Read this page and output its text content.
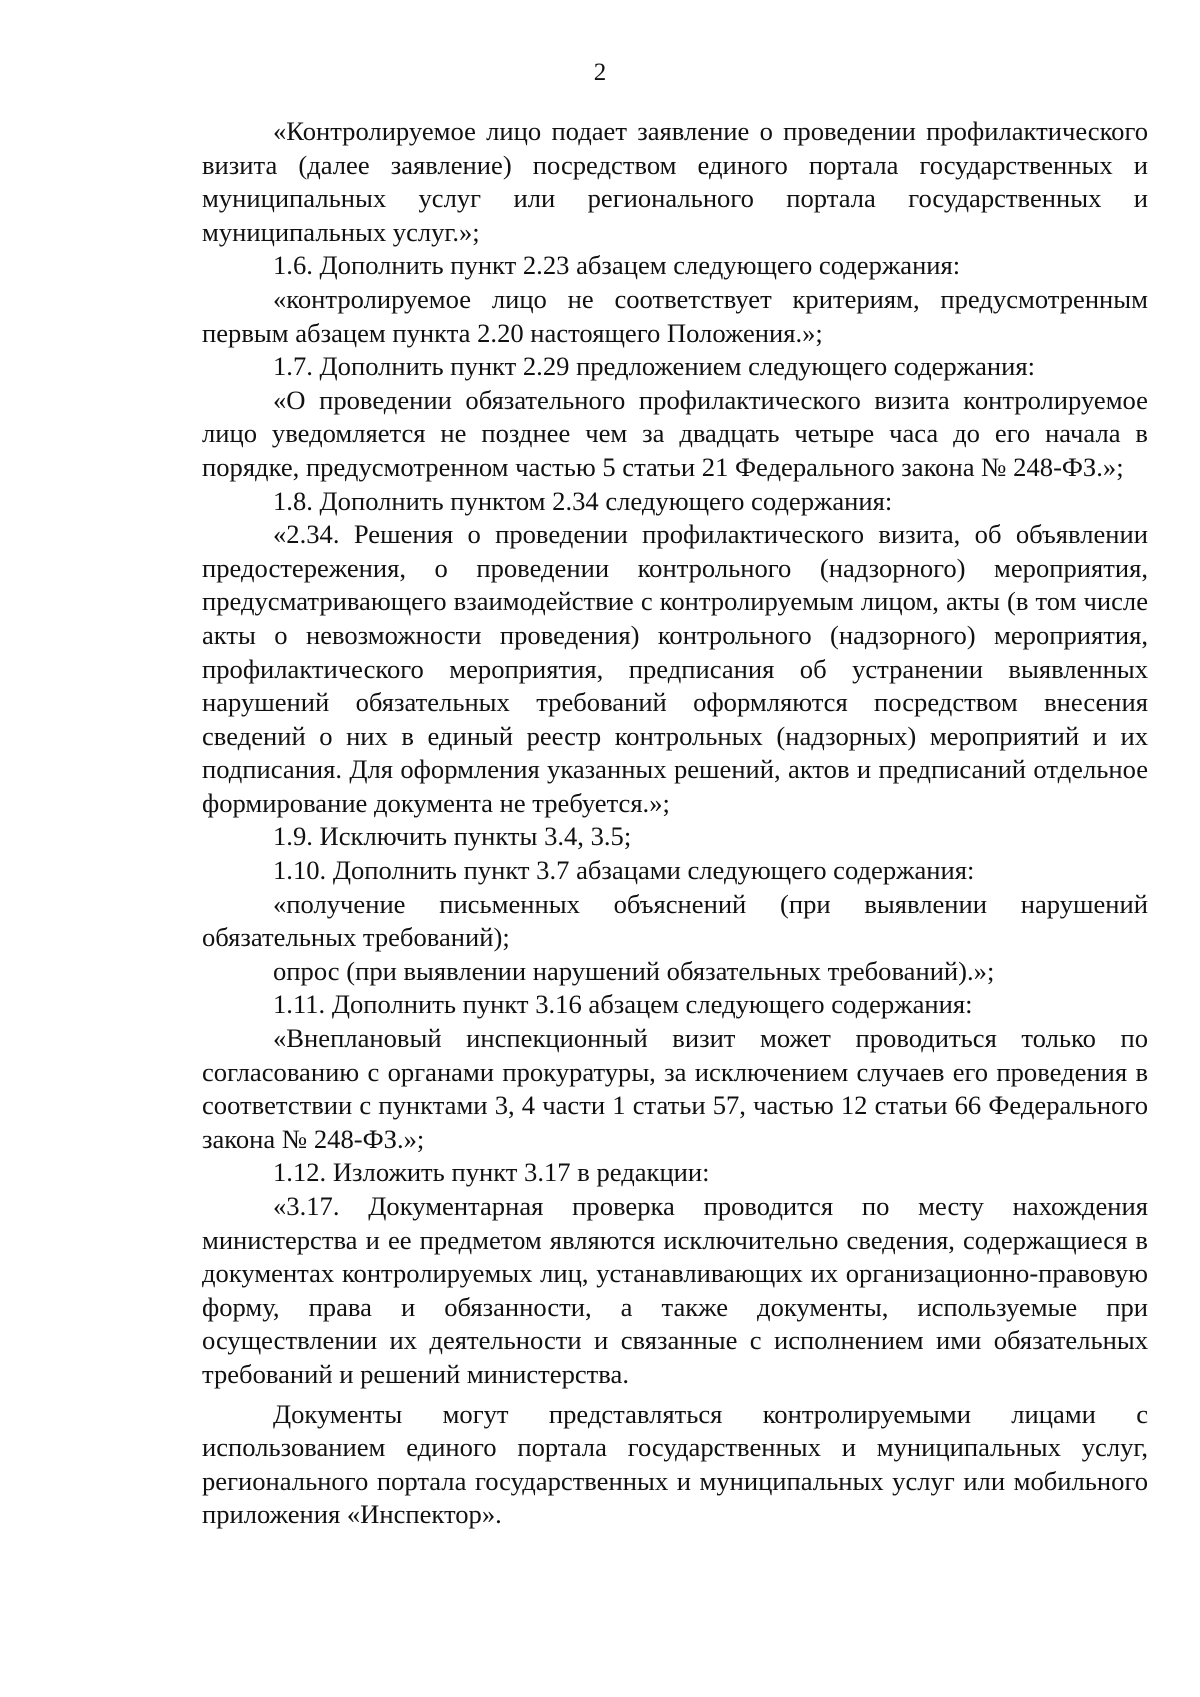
2

«Контролируемое лицо подает заявление о проведении профилактического визита (далее заявление) посредством единого портала государственных и муниципальных услуг или регионального портала государственных и муниципальных услуг.»;

1.6. Дополнить пункт 2.23 абзацем следующего содержания:

«контролируемое лицо не соответствует критериям, предусмотренным первым абзацем пункта 2.20 настоящего Положения.»;

1.7. Дополнить пункт 2.29 предложением следующего содержания:

«О проведении обязательного профилактического визита контролируемое лицо уведомляется не позднее чем за двадцать четыре часа до его начала в порядке, предусмотренном частью 5 статьи 21 Федерального закона № 248-ФЗ.»;

1.8. Дополнить пунктом 2.34 следующего содержания:

«2.34. Решения о проведении профилактического визита, об объявлении предостережения, о проведении контрольного (надзорного) мероприятия, предусматривающего взаимодействие с контролируемым лицом, акты (в том числе акты о невозможности проведения) контрольного (надзорного) мероприятия, профилактического мероприятия, предписания об устранении выявленных нарушений обязательных требований оформляются посредством внесения сведений о них в единый реестр контрольных (надзорных) мероприятий и их подписания. Для оформления указанных решений, актов и предписаний отдельное формирование документа не требуется.»;

1.9. Исключить пункты 3.4, 3.5;

1.10. Дополнить пункт 3.7 абзацами следующего содержания:

«получение письменных объяснений (при выявлении нарушений обязательных требований);

опрос (при выявлении нарушений обязательных требований).»;

1.11. Дополнить пункт 3.16 абзацем следующего содержания:

«Внеплановый инспекционный визит может проводиться только по согласованию с органами прокуратуры, за исключением случаев его проведения в соответствии с пунктами 3, 4 части 1 статьи 57, частью 12 статьи 66 Федерального закона № 248-ФЗ.»;

1.12. Изложить пункт 3.17 в редакции:

«3.17. Документарная проверка проводится по месту нахождения министерства и ее предметом являются исключительно сведения, содержащиеся в документах контролируемых лиц, устанавливающих их организационно-правовую форму, права и обязанности, а также документы, используемые при осуществлении их деятельности и связанные с исполнением ими обязательных требований и решений министерства.

Документы могут представляться контролируемыми лицами с использованием единого портала государственных и муниципальных услуг, регионального портала государственных и муниципальных услуг или мобильного приложения «Инспектор».
